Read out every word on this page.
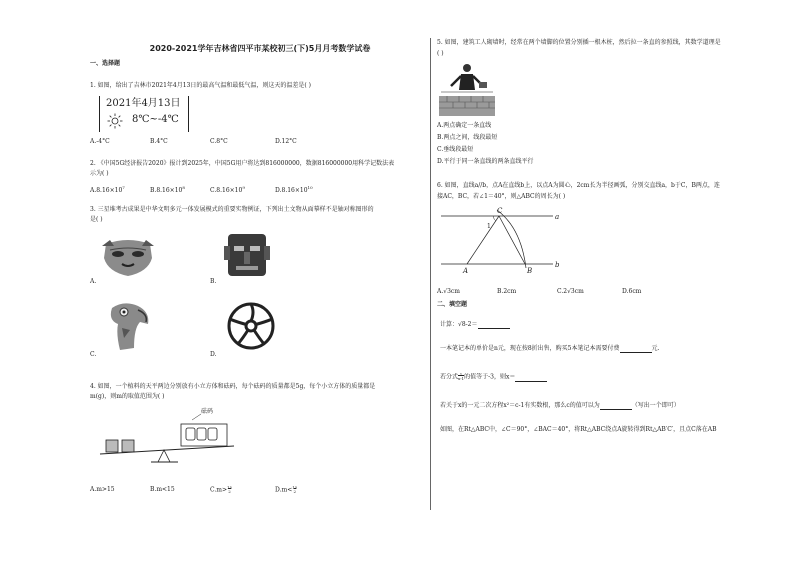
2020-2021学年吉林省四平市某校初三(下)5月月考数学试卷
一、选择题
1. 如图，给出了吉林市2021年4月13日的最高气温和最低气温，则这天的温差是( )
2021年4月13日
8℃~-4℃
A.-4°C	B.4°C	C.8°C	D.12°C
2. 《中国5G经济报告2020》报计到2025年，中国5G用户将达到816000000，数据816000000用科学记数法表
示为( )
$A.8.16\times 10^7$	$B.8.16\times 10^8$	$C.8.16\times 10^9$	$D.8.16\times 10^{10}$
3. 三星堆考古成果是中华文明多元一体发展模式的重要实物例证，下列出土文物从面摹样不是轴对称图形的
是( )
A.	B.
C.	D.
4. 如图，一个植料的天平两边分别放有小立方体和砝码，每个砝码的质量都是5g，每个小立方体的质量都是
m(g)，则m的取值范围为( )
砝码
A.m>15	B.m<15	C.m>15
2	D.m<15
2
5. 如图，建筑工人砌墙时，经常在两个墙脚的位置分别插一根木桩，然后拉一条直的参照线，其数学道理是
( )
A.两点确定一条直线
B.两点之间，线段最短
C.垂线段最短
D.平行于同一条直线的两条直线平行
6. 如图，直线a//b，点A在直线b上，以点A为圆心，2cm长为半径画弧，分别交直线a，b于C，B两点，连
接AC，BC，若∠1＝40°，则△ABC的周长为( )
C
a
1
A	B
b
A.√3cm	B.2cm	C.2√3cm	D.6cm
二、填空题
计算：√8-2＝
一本笔记本的单价是n元，现在按8折出售，购买5本笔记本需要付费	元.
若分式 1
x-1的值等于-3，则x＝
若关于x的一元二次方程x²＝c-1有实数根，那么c的值可以为	（写出一个即可）
如图，在Rt△ABC中，∠C＝90°，∠BAC＝40°，将Rt△ABC绕点A旋转得到Rt△AB′C′，且点C落在AB
